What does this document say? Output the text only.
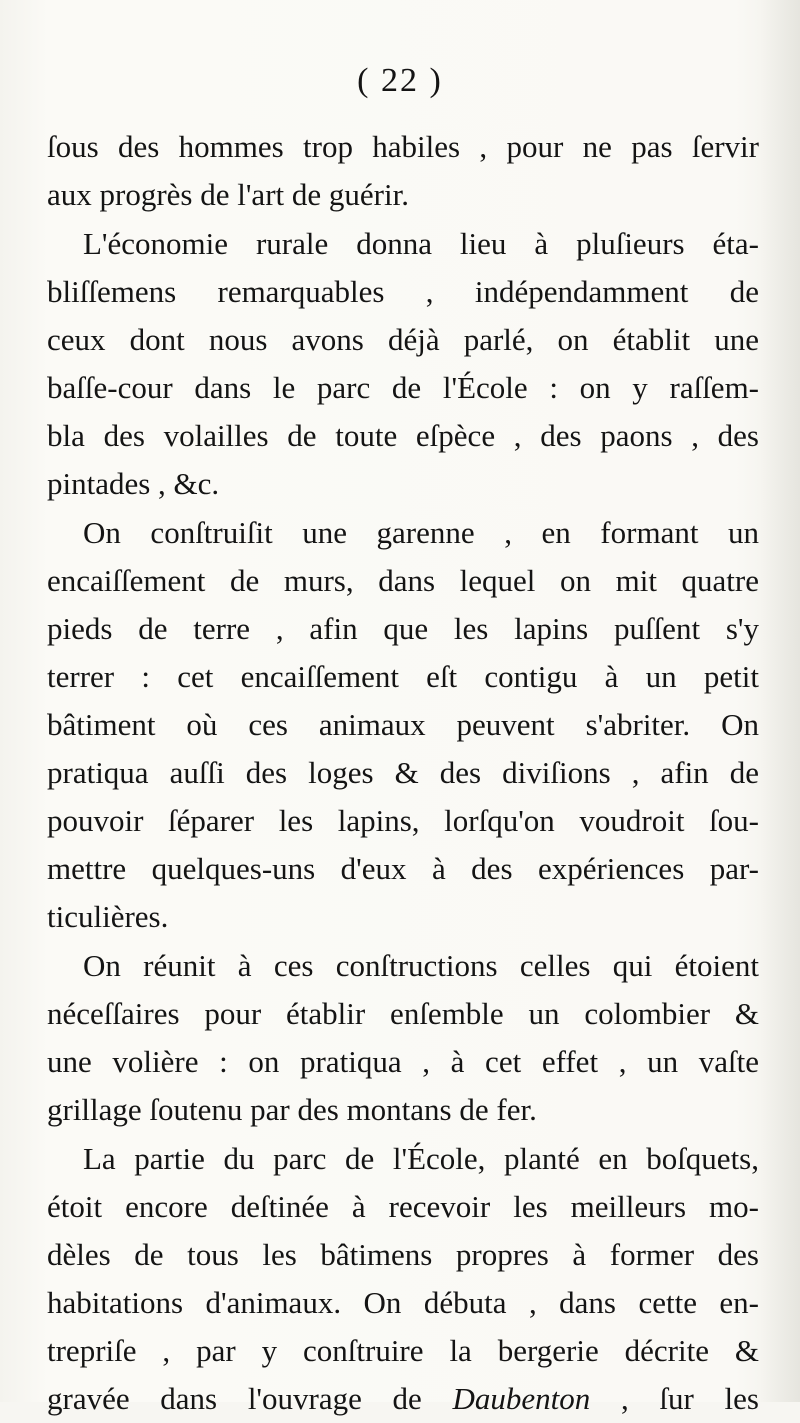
( 22 )
ſous des hommes trop habiles , pour ne pas ſervir
aux progrès de l'art de guérir.
L'économie rurale donna lieu à pluſieurs éta-
bliſſemens remarquables , indépendamment de
ceux dont nous avons déjà parlé, on établit une
baſſe-cour dans le parc de l'École : on y raſſem-
bla des volailles de toute eſpèce , des paons , des
pintades , &c.
On conſtruiſit une garenne , en formant un
encaiſſement de murs, dans lequel on mit quatre
pieds de terre , afin que les lapins puſſent s'y
terrer : cet encaiſſement eſt contigu à un petit
bâtiment où ces animaux peuvent s'abriter. On
pratiqua auſſi des loges & des diviſions , afin de
pouvoir ſéparer les lapins, lorſqu'on voudroit ſou-
mettre quelques-uns d'eux à des expériences par-
ticulières.
On réunit à ces conſtructions celles qui étoient
néceſſaires pour établir enſemble un colombier &
une volière : on pratiqua , à cet effet , un vaſte
grillage ſoutenu par des montans de fer.
La partie du parc de l'École, planté en boſquets,
étoit encore deſtinée à recevoir les meilleurs mo-
dèles de tous les bâtimens propres à former des
habitations d'animaux. On débuta , dans cette en-
trepriſe , par y conſtruire la bergerie décrite &
gravée dans l'ouvrage de Daubenton , ſur les
